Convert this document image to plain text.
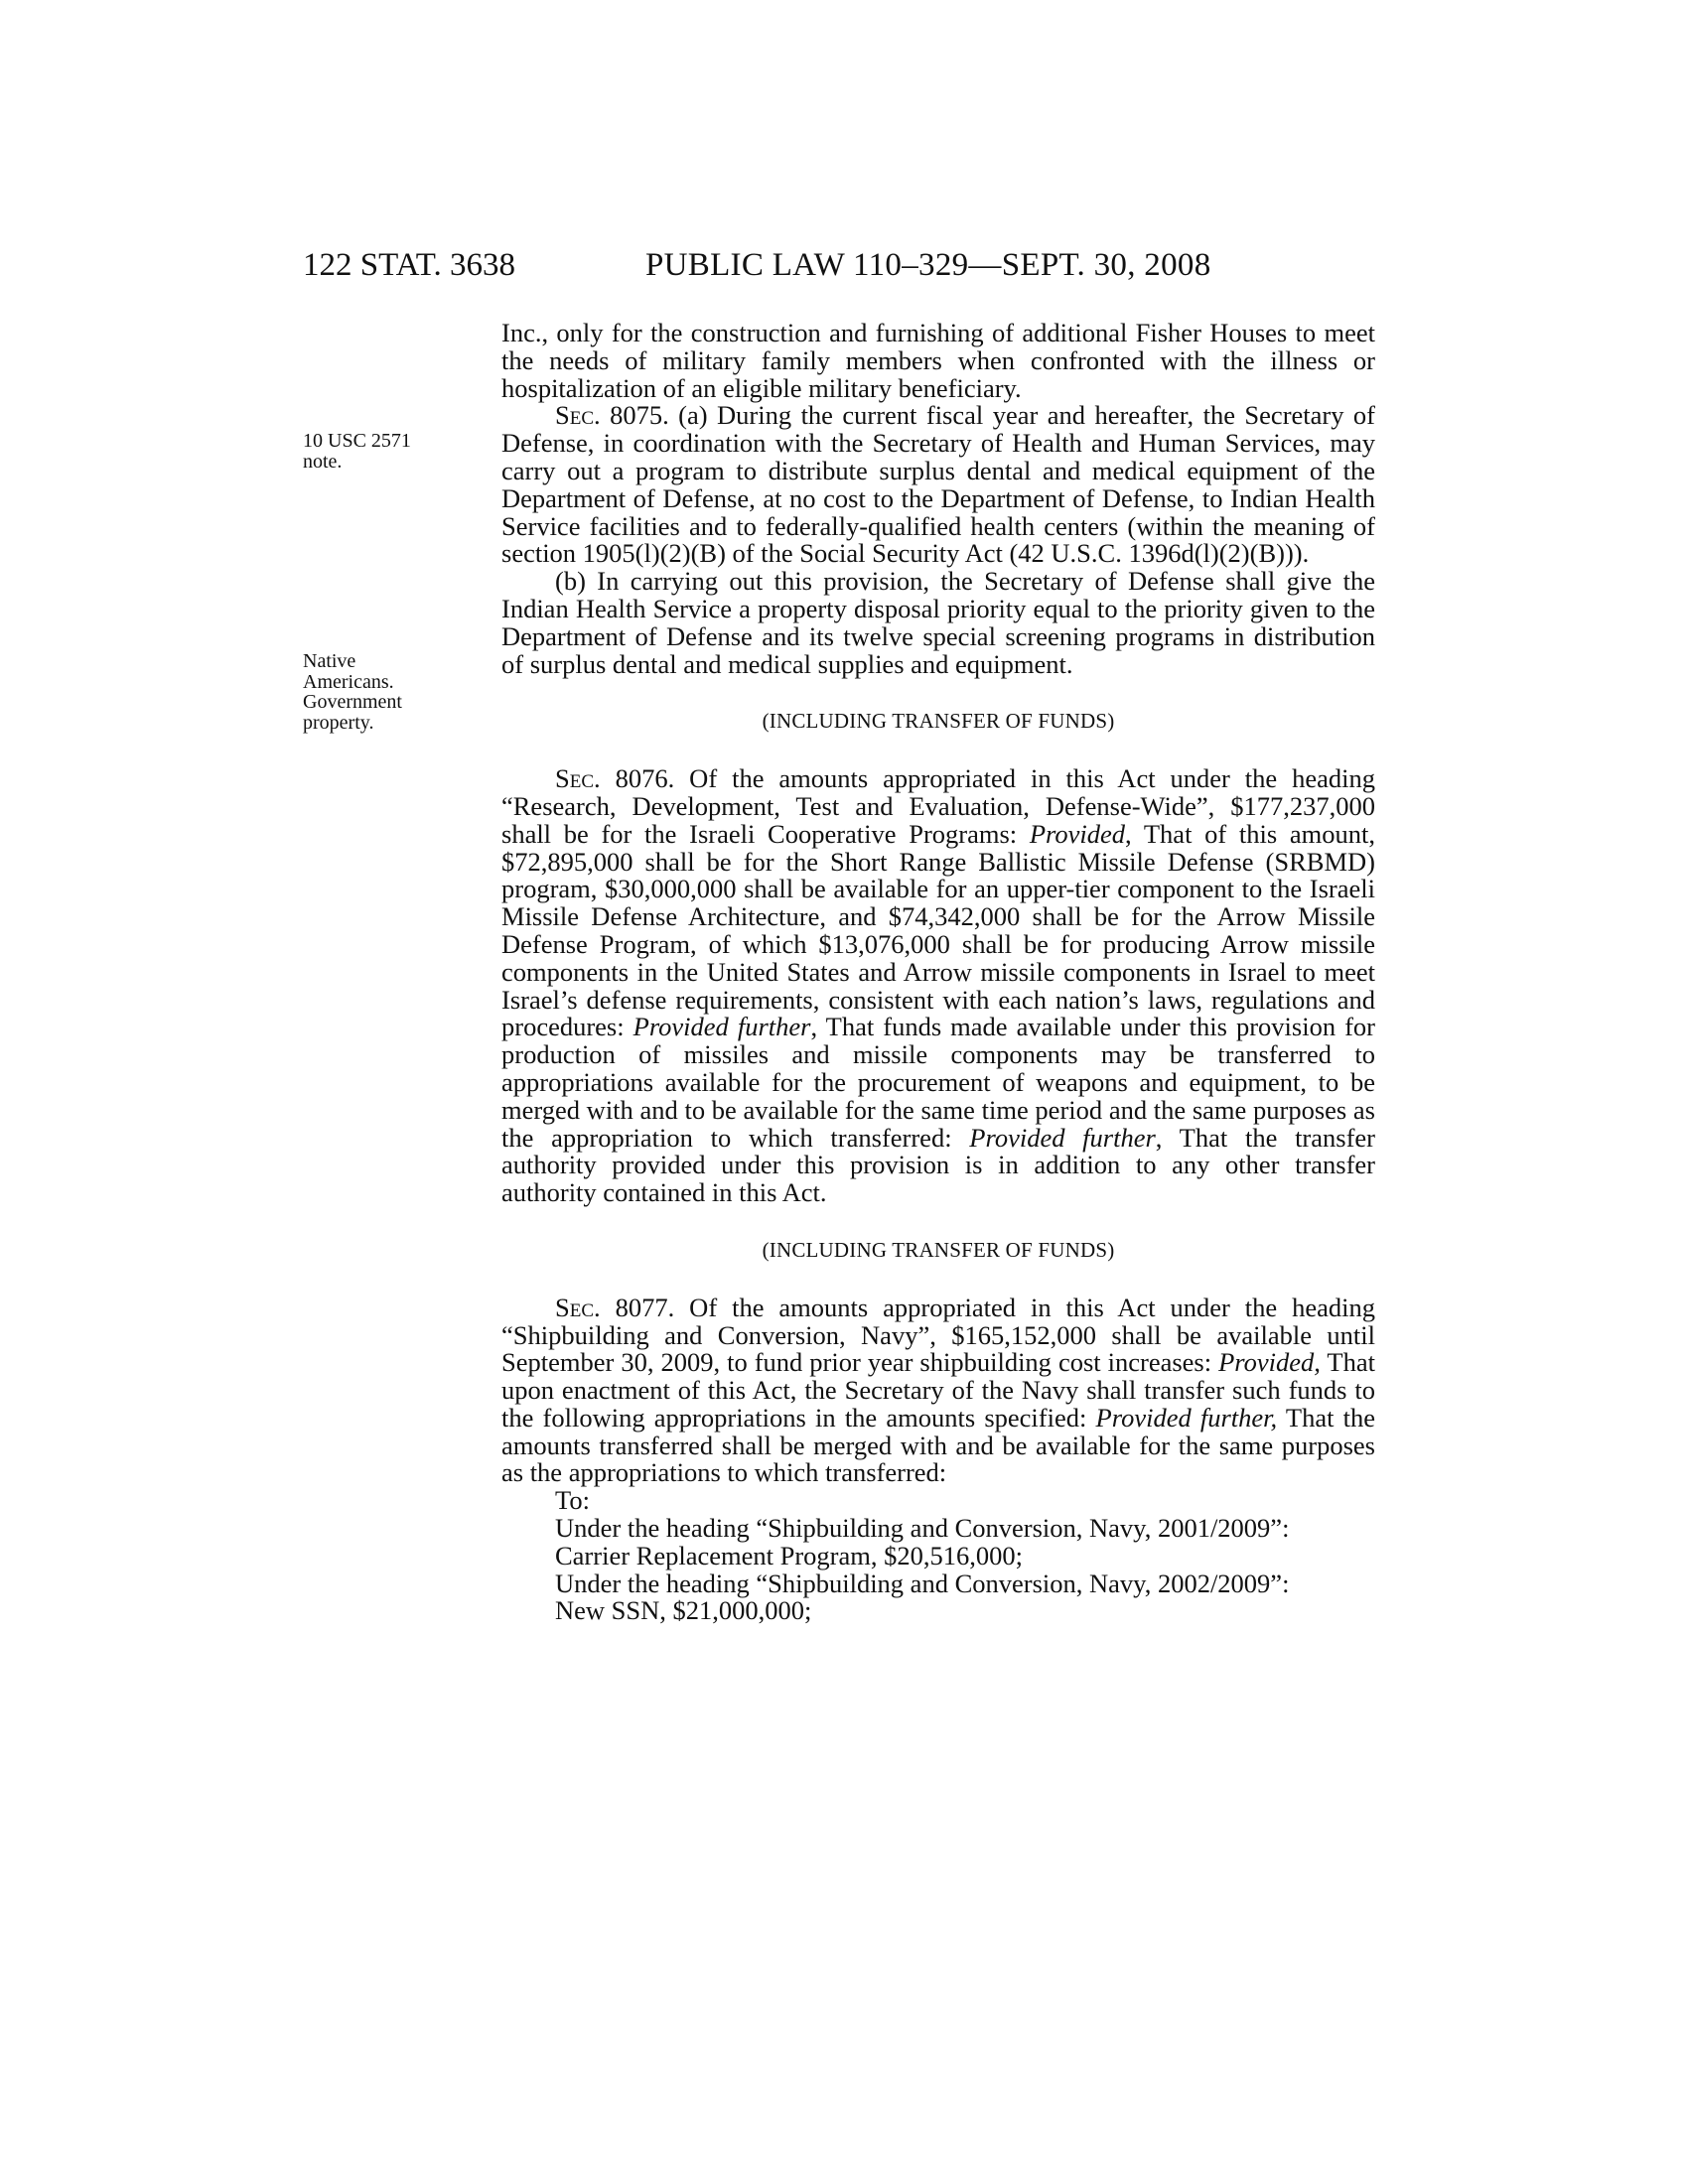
122 STAT. 3638	PUBLIC LAW 110–329—SEPT. 30, 2008
10 USC 2571
note.
Native
Americans.
Government
property.

Inc., only for the construction and furnishing of additional Fisher Houses to meet the needs of military family members when confronted with the illness or hospitalization of an eligible military beneficiary.

Sec. 8075. (a) During the current fiscal year and hereafter, the Secretary of Defense, in coordination with the Secretary of Health and Human Services, may carry out a program to distribute surplus dental and medical equipment of the Department of Defense, at no cost to the Department of Defense, to Indian Health Service facilities and to federally-qualified health centers (within the meaning of section 1905(l)(2)(B) of the Social Security Act (42 U.S.C. 1396d(l)(2)(B))).

(b) In carrying out this provision, the Secretary of Defense shall give the Indian Health Service a property disposal priority equal to the priority given to the Department of Defense and its twelve special screening programs in distribution of surplus dental and medical supplies and equipment.

(INCLUDING TRANSFER OF FUNDS)

Sec. 8076. Of the amounts appropriated in this Act under the heading “Research, Development, Test and Evaluation, Defense-Wide”, $177,237,000 shall be for the Israeli Cooperative Programs: Provided, That of this amount, $72,895,000 shall be for the Short Range Ballistic Missile Defense (SRBMD) program, $30,000,000 shall be available for an upper-tier component to the Israeli Missile Defense Architecture, and $74,342,000 shall be for the Arrow Missile Defense Program, of which $13,076,000 shall be for producing Arrow missile components in the United States and Arrow missile components in Israel to meet Israel’s defense requirements, consistent with each nation’s laws, regulations and procedures: Provided further, That funds made available under this provision for production of missiles and missile components may be transferred to appropriations available for the procurement of weapons and equipment, to be merged with and to be available for the same time period and the same purposes as the appropriation to which transferred: Provided further, That the transfer authority provided under this provision is in addition to any other transfer authority contained in this Act.

(INCLUDING TRANSFER OF FUNDS)

Sec. 8077. Of the amounts appropriated in this Act under the heading “Shipbuilding and Conversion, Navy”, $165,152,000 shall be available until September 30, 2009, to fund prior year shipbuilding cost increases: Provided, That upon enactment of this Act, the Secretary of the Navy shall transfer such funds to the following appropriations in the amounts specified: Provided further, That the amounts transferred shall be merged with and be available for the same purposes as the appropriations to which transferred:

To:

Under the heading “Shipbuilding and Conversion, Navy, 2001/2009”:

Carrier Replacement Program, $20,516,000;

Under the heading “Shipbuilding and Conversion, Navy, 2002/2009”:

New SSN, $21,000,000;
